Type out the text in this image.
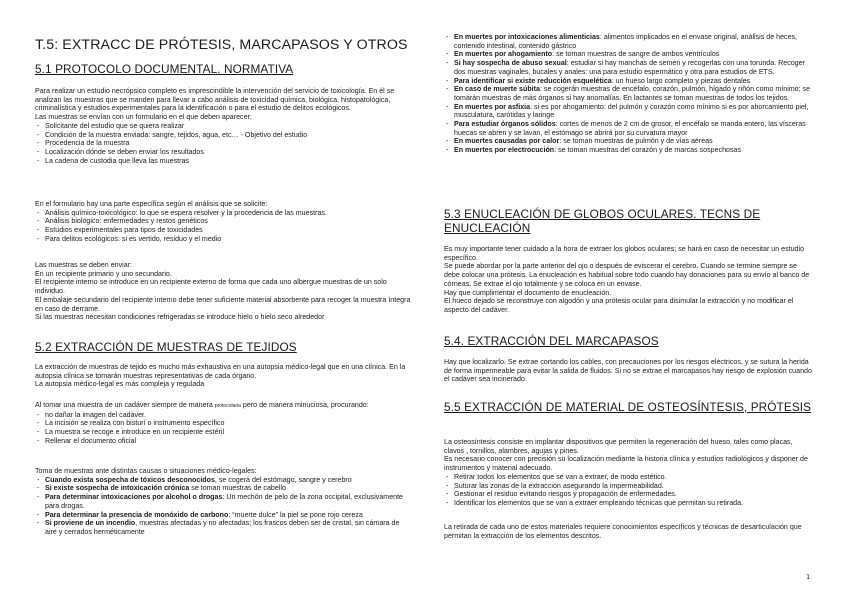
T.5: EXTRACC DE PRÓTESIS, MARCAPASOS Y OTROS
5.1 PROTOCOLO DOCUMENTAL. NORMATIVA

Para realizar un estudio necrópsico completo es imprescindible la intervención del servicio de toxicología. En él se analizan las muestras que se manden para llevar a cabo análisis de toxicidad química, biológica, histopatológica, criminalística y estudios experimentales para la identificación o para el estudio de delitos ecológicos.

Las muestras se envían con un formulario en el que deben aparecer:

- Solicitante del estudio que se quiera realizar
- Condición de la muestra enviada: sangre, tejidos, agua, etc… - Objetivo del estudio
- Procedencia de la muestra
- Localización dónde se deben enviar los resultados
- La cadena de custodia que lleva las muestras

En el formulario hay una parte específica según el análisis que se solicite:

- Análisis químico-toxicológico: lo que se espera resolver y la procedencia de las muestras.
- Análisis biológico: enfermedades y restos genéticos
- Estudios experimentales para tipos de toxicidades
- Para delitos ecológicos: si es vertido, residuo y el medio

Las muestras se deben enviar:

En un recipiente primario y uno secundario.

El recipiente interno se introduce en un recipiente externo de forma que cada uno albergue muestras de un solo individuo.

El embalaje secundario del recipiente interno debe tener suficiente material absorbente para recoger la muestra íntegra en caso de derrame.

Si las muestras necesitan condiciones refrigeradas se introduce hielo o hielo seco alrededor

5.2 EXTRACCIÓN DE MUESTRAS DE TEJIDOS

La extracción de muestras de tejido es mucho más exhaustiva en una autopsia médico-legal que en una clínica. En la autopsia clínica se tomarán muestras representativas de cada órgano.

La autopsia médico-legal es más compleja y regulada

Al tomar una muestra de un cadáver siempre de manera protocolaria pero de manera minuciosa, procurando:

- no dañar la imagen del cadáver.
- La incisión se realiza con bisturí o instrumento específico
- La muestra se recoge e introduce en un recipiente estéril
- Rellenar el documento oficial

Toma de muestras ante distintas causas o situaciones médico-legales:

- Cuando exista sospecha de tóxicos desconocidos, se cogerá del estómago, sangre y cerebro
- Si existe sospecha de intoxicación crónica se toman muestras de cabello
- Para determinar intoxicaciones por alcohol o drogas: Un mechón de pelo de la zona occipital, exclusivamente para drogas.
- Para determinar la presencia de monóxido de carbono: “muerte dulce” la piel se pone rojo cereza
- Si proviene de un incendio, muestras afectadas y no afectadas; los frascos deben ser de cristal, sin cámara de aire y cerrados herméticamente
- En muertes por intoxicaciones alimenticias: alimentos implicados en el envase original, análisis de heces, contenido intestinal, contenido gástrico
- En muertes por ahogamiento: se toman muestras de sangre de ambos ventrículos
- Si hay sospecha de abuso sexual: estudiar si hay manchas de semen y recogerlas con una torunda. Recoger dos muestras vaginales, bucales y anales: una para estudio espermático y otra para estudios de ETS.
- Para identificar si existe reducción esquelética: un hueso largo completo y piezas dentales
- En caso de muerte súbita: se cogerán muestras de encéfalo, corazón, pulmón, hígado y riñón como mínimo; se tomarán muestras de más órganos si hay anomalías. En lactantes se toman muestras de todos los tejidos.
- En muertes por asfixia: si es por ahogamiento: del pulmón y corazón como mínimo si es por ahorcamiento piel, musculatura, carótidas y laringe
- Para estudiar órganos sólidos: cortes de menos de 2 cm de grosor, el encéfalo se manda entero, las vísceras huecas se abren y se lavan, el estómago se abrirá por su curvatura mayor
- En muertes causadas por calor: se toman muestras de pulmón y de vías aéreas
- En muertes por electrocución: se toman muestras del corazón y de marcas sospechosas
5.3 ENUCLEACIÓN DE GLOBOS OCULARES. TECNS DE ENUCLEACIÓN

Es muy importante tener cuidado a la hora de extraer los globos oculares; se hará en caso de necesitar un estudio específico.

Se puede abordar por la parte anterior del ojo o después de eviscerar el cerebro. Cuando se termine siempre se debe colocar una prótesis. La enucleación es habitual sobre todo cuando hay donaciones para su envío al banco de córneas. Se extrae el ojo totalmente y se coloca en un envase.

Hay que cumplimentar el documento de enucleación.

El hueco dejado se reconstruye con algodón y una prótesis ocular para disimular la extracción y no modificar el aspecto del cadáver.

5.4. EXTRACCIÓN DEL MARCAPASOS

Hay que localizarlo. Se extrae cortando los cables, con precauciones por los riesgos eléctricos, y se sutura la herida de forma impermeable para evitar la salida de fluidos. Si no se extrae el marcapasos hay riesgo de explosión cuando el cadáver sea incinerado.

5.5 EXTRACCIÓN DE MATERIAL DE OSTEOSÍNTESIS, PRÓTESIS

La osteosíntesis consiste en implantar dispositivos que permiten la regeneración del hueso, tales como placas, clavos , tornillos, alambres, agujas y pines.

Es necesario conocer con precisión su localización mediante la historia clínica y estudios radiológicos y disponer de instrumentos y material adecuado.

- Retirar todos los elementos que se van a extraer, de modo estético.
- Suturar las zonas de la extracción asegurando la impermeabilidad.
- Gestionar el residuo evitando riesgos y propagación de enfermedades.
- Identificar los elementos que se van a extraer empleando técnicas que permitan su retirada.

La retirada de cada uno de estos materiales requiere conocimientos específicos y técnicas de desarticulación que permitan la extracción de los elementos descritos.

1
